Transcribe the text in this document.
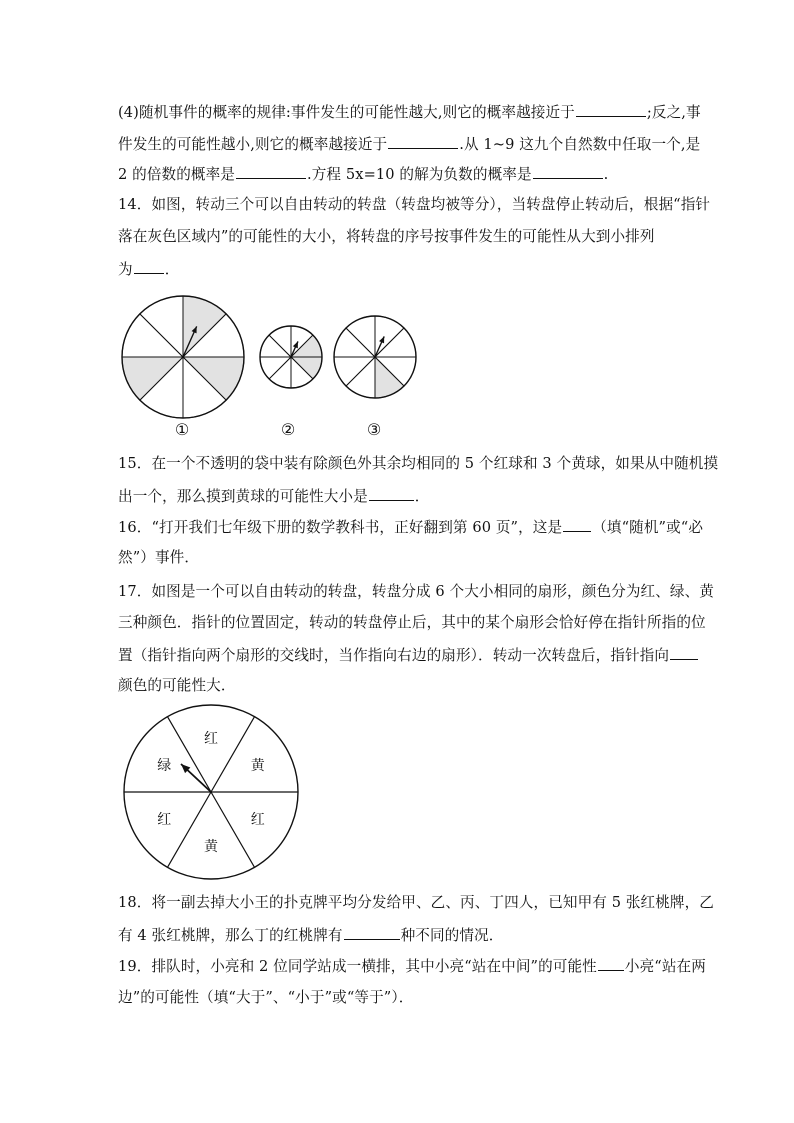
(4)随机事件的概率的规律:事件发生的可能性越大,则它的概率越接近于	;反之,事
件发生的可能性越小,则它的概率越接近于	.从 1~9 这九个自然数中任取一个,是
2 的倍数的概率是	.方程 5x=10 的解为负数的概率是	.
14．如图，转动三个可以自由转动的转盘（转盘均被等分），当转盘停止转动后，根据“指针
落在灰色区域内”的可能性的大小，将转盘的序号按事件发生的可能性从大到小排列
为 ．
①	②	③
15．在一个不透明的袋中装有除颜色外其余均相同的 5 个红球和 3 个黄球，如果从中随机摸
出一个，那么摸到黄球的可能性大小是	．
16．“打开我们七年级下册的数学教科书，正好翻到第 60 页”，这是 （填“随机”或“必
然”）事件．
17．如图是一个可以自由转动的转盘，转盘分成 6 个大小相同的扇形，颜色分为红、绿、黄
三种颜色．指针的位置固定，转动的转盘停止后，其中的某个扇形会恰好停在指针所指的位
置（指针指向两个扇形的交线时，当作指向右边的扇形）．转动一次转盘后，指针指向
颜色的可能性大．
红
黄
红
黄
红
绿
18．将一副去掉大小王的扑克牌平均分发给甲、乙、丙、丁四人，已知甲有 5 张红桃牌，乙
有 4 张红桃牌，那么丁的红桃牌有	种不同的情况．
19．排队时，小亮和 2 位同学站成一横排，其中小亮“站在中间”的可能性 小亮“站在两
边”的可能性（填“大于”、“小于”或“等于”）．
